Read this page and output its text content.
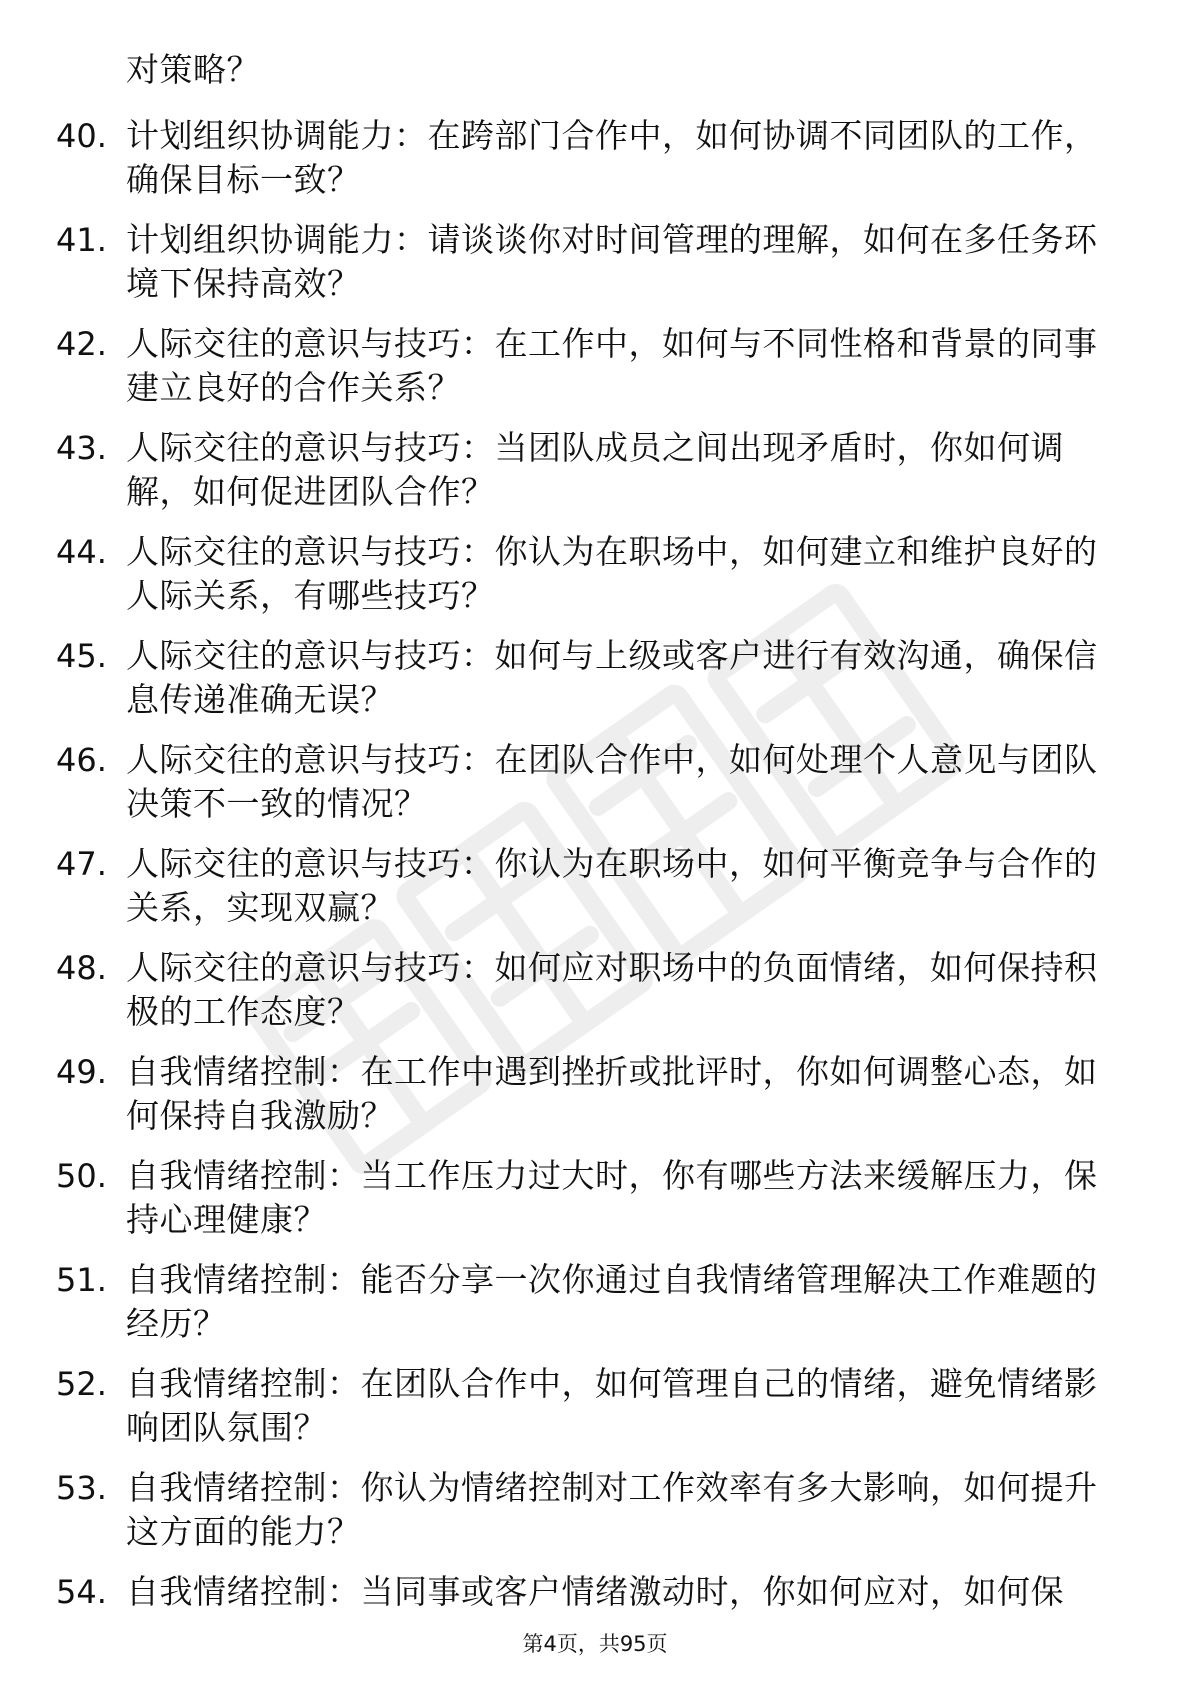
对策略？
40. 计划组织协调能力：在跨部门合作中，如何协调不同团队的工作，确保目标一致？
41. 计划组织协调能力：请谈谈你对时间管理的理解，如何在多任务环境下保持高效？
42. 人际交往的意识与技巧：在工作中，如何与不同性格和背景的同事建立良好的合作关系？
43. 人际交往的意识与技巧：当团队成员之间出现矛盾时，你如何调解，如何促进团队合作？
44. 人际交往的意识与技巧：你认为在职场中，如何建立和维护良好的人际关系，有哪些技巧？
45. 人际交往的意识与技巧：如何与上级或客户进行有效沟通，确保信息传递准确无误？
46. 人际交往的意识与技巧：在团队合作中，如何处理个人意见与团队决策不一致的情况？
47. 人际交往的意识与技巧：你认为在职场中，如何平衡竞争与合作的关系，实现双赢？
48. 人际交往的意识与技巧：如何应对职场中的负面情绪，如何保持积极的工作态度？
49. 自我情绪控制：在工作中遇到挫折或批评时，你如何调整心态，如何保持自我激励？
50. 自我情绪控制：当工作压力过大时，你有哪些方法来缓解压力，保持心理健康？
51. 自我情绪控制：能否分享一次你通过自我情绪管理解决工作难题的经历？
52. 自我情绪控制：在团队合作中，如何管理自己的情绪，避免情绪影响团队氛围？
53. 自我情绪控制：你认为情绪控制对工作效率有多大影响，如何提升这方面的能力？
54. 自我情绪控制：当同事或客户情绪激动时，你如何应对，如何保
第4页，共95页
